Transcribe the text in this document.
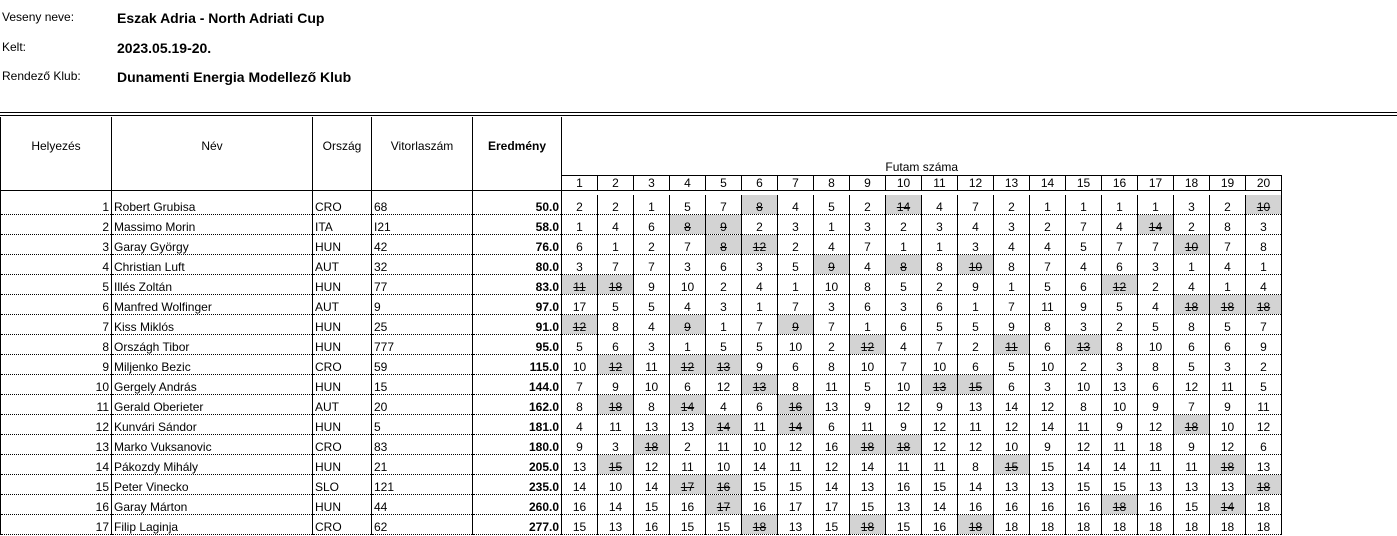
Veseny neve:	Eszak Adria - North Adriati Cup
Kelt:	2023.05.19-20.
Rendező Klub:	Dunamenti Energia Modellező Klub
Helyezés	Név	Ország	Vitorlaszám	Eredmény	Futam száma																			

					1	2	3	4	5	6	7	8	9	10	11	12	13	14	15	16	17	18	19	20

1	Robert Grubisa	CRO	68	50.0	2	2	1	5	7	8	4	5	2	14	4	7	2	1	1	1	1	3	2	10
2	Massimo Morin	ITA	I21	58.0	1	4	6	8	9	2	3	1	3	2	3	4	3	2	7	4	14	2	8	3
3	Garay György	HUN	42	76.0	6	1	2	7	8	12	2	4	7	1	1	3	4	4	5	7	7	10	7	8
4	Christian Luft	AUT	32	80.0	3	7	7	3	6	3	5	9	4	8	8	10	8	7	4	6	3	1	4	1
5	Illés Zoltán	HUN	77	83.0	11	18	9	10	2	4	1	10	8	5	2	9	1	5	6	12	2	4	1	4
6	Manfred Wolfinger	AUT	9	97.0	17	5	5	4	3	1	7	3	6	3	6	1	7	11	9	5	4	18	18	18
7	Kiss Miklós	HUN	25	91.0	12	8	4	9	1	7	9	7	1	6	5	5	9	8	3	2	5	8	5	7
8	Országh Tibor	HUN	777	95.0	5	6	3	1	5	5	10	2	12	4	7	2	11	6	13	8	10	6	6	9
9	Miljenko Bezic	CRO	59	115.0	10	12	11	12	13	9	6	8	10	7	10	6	5	10	2	3	8	5	3	2
10	Gergely András	HUN	15	144.0	7	9	10	6	12	13	8	11	5	10	13	15	6	3	10	13	6	12	11	5
11	Gerald Oberieter	AUT	20	162.0	8	18	8	14	4	6	16	13	9	12	9	13	14	12	8	10	9	7	9	11
12	Kunvári Sándor	HUN	5	181.0	4	11	13	13	14	11	14	6	11	9	12	11	12	14	11	9	12	18	10	12
13	Marko Vuksanovic	CRO	83	180.0	9	3	18	2	11	10	12	16	18	18	12	12	10	9	12	11	18	9	12	6
14	Pákozdy Mihály	HUN	21	205.0	13	15	12	11	10	14	11	12	14	11	11	8	15	15	14	14	11	11	18	13
15	Peter Vinecko	SLO	121	235.0	14	10	14	17	16	15	15	14	13	16	15	14	13	13	15	15	13	13	13	18
16	Garay Márton	HUN	44	260.0	16	14	15	16	17	16	17	17	15	13	14	16	16	16	16	18	16	15	14	18
17	Filip Laginja	CRO	62	277.0	15	13	16	15	15	18	13	15	18	15	16	18	18	18	18	18	18	18	18	18
